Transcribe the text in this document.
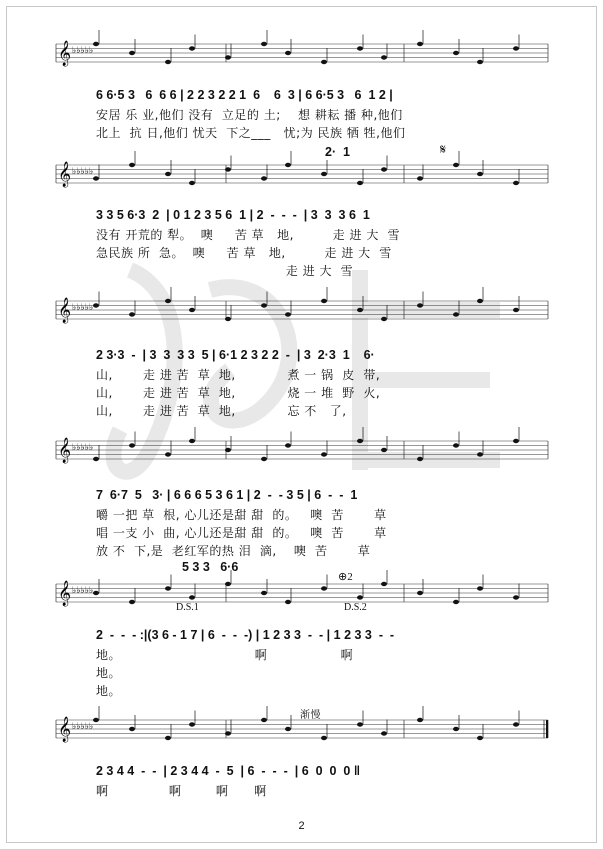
𝄞 ♭♭♭♭♭
𝄞 ♭♭♭♭♭
𝄞 ♭♭♭♭♭
𝄞 ♭♭♭♭♭
𝄞 ♭♭♭♭♭
𝄞 ♭♭♭♭♭
6 6·5 3   6  6 6 | 2 2 3 2 2 1  6    6  3 | 6 6·5 3   6  1 2 |
安居 乐 业,他们 没有  立足的 土;    想 耕耘 播 种,他们
北上  抗 日,他们 忧天  下之___   忧;为 民族 牺 牲,他们
2·  1	𝄋
3 3 5 6·3  2  | 0 1 2 3 5 6  1 | 2  -  -  -  | 3  3  3 6  1
没有 开荒的 犁。  噢     苦 草   地,         走 进 大  雪
急民族 所  急。  噢     苦 草   地,         走 进 大  雪
走 进 大  雪
2 3·3  -  | 3  3  3 3  5 | 6·1 2 3 2 2  -  | 3  2·3  1    6·
山,       走 进 苦  草  地,            煮 一 锅  皮  带,
山,       走 进 苦  草  地,            烧 一 堆  野  火,
山,       走 进 苦  草  地,            忘 不   了,
7  6·7  5   3· | 6 6 6 5 3 6 1 | 2  -  - 3 5 | 6  -  -  1
嚼 一把 草  根, 心儿还是甜 甜  的。   噢  苦       草
唱 一支 小  曲, 心儿还是甜 甜  的。   噢  苦       草
放 不  下,是  老红军的热 泪  滴,    噢  苦       草
5 3 3   6·6
⊕2
D.S.1	D.S.2
2  -  -  - :|(3 6 - 1 7 | 6  -  -  -) | 1 2 3 3  -  - | 1 2 3 3  -  -
地。                               啊                 啊
地。
地。
渐慢
2 3 4 4  -  -  | 2 3 4 4  -  5  | 6  -  -  -  | 6  0  0  0 ‖
啊              啊        啊      啊
2
